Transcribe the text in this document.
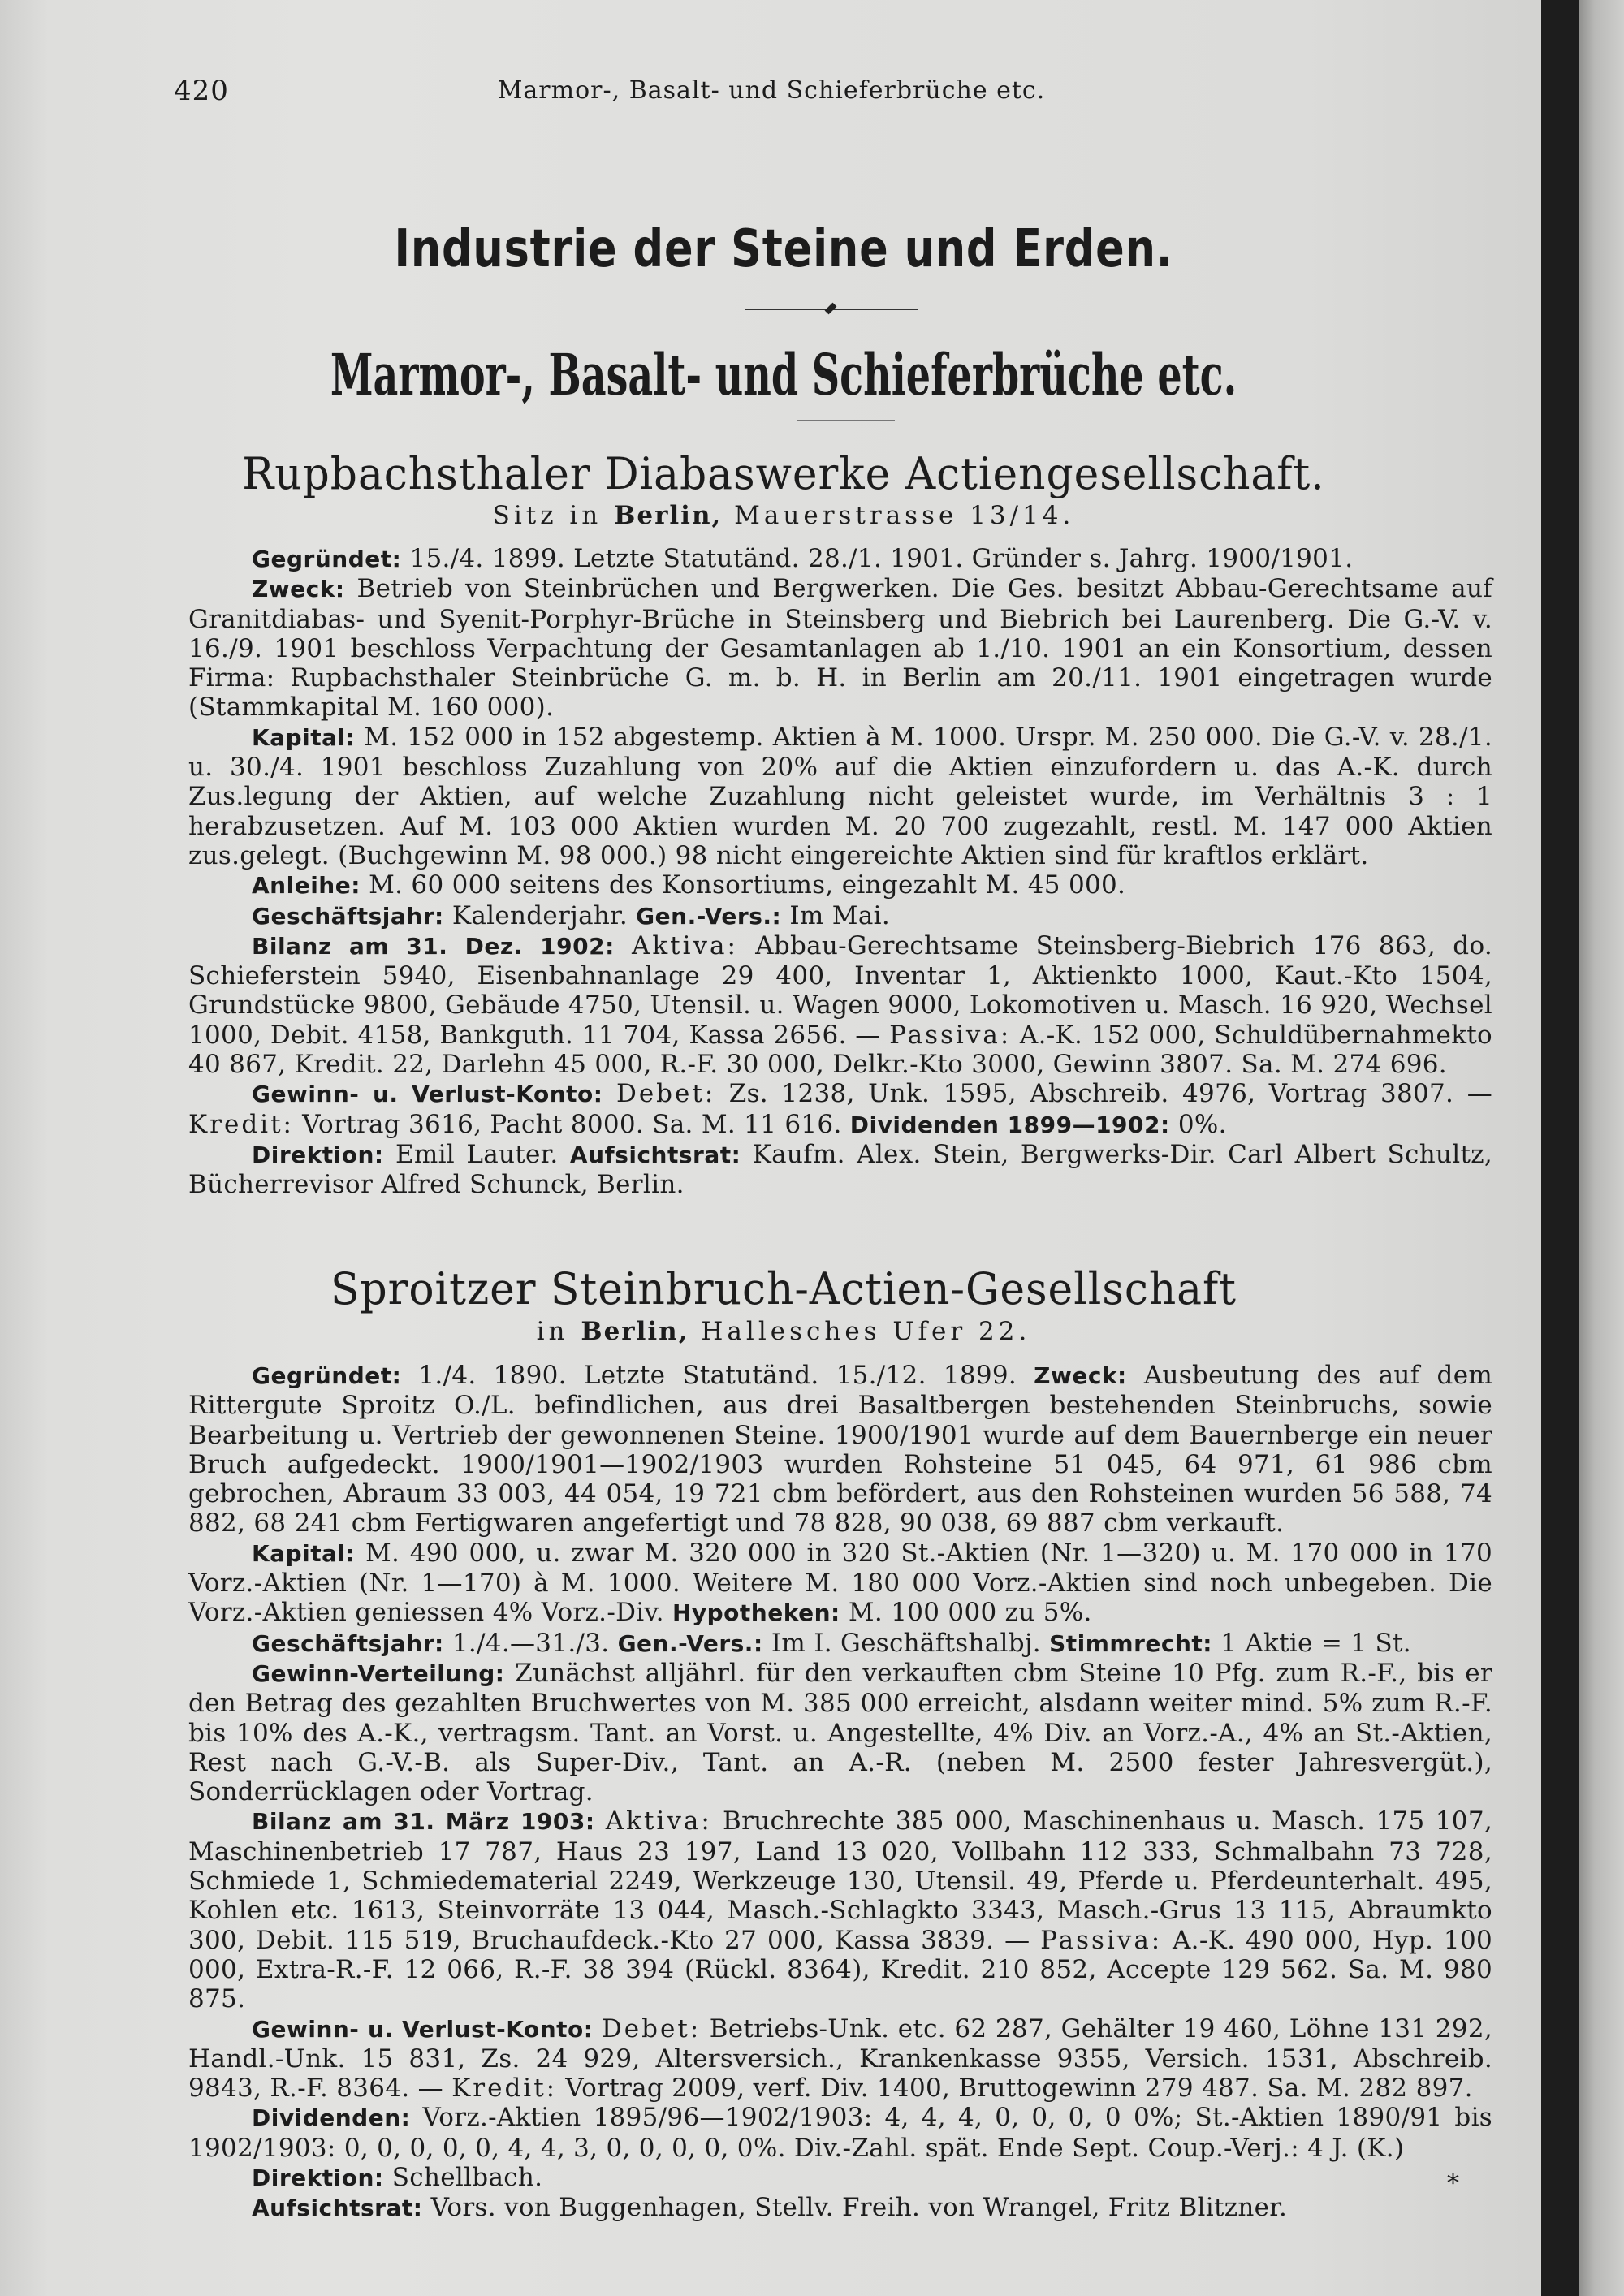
420	Marmor-, Basalt- und Schieferbrüche etc.
Industrie der Steine und Erden.
Marmor-, Basalt- und Schieferbrüche etc.
Rupbachsthaler Diabaswerke Actiengesellschaft.
Sitz in Berlin, Mauerstrasse 13/14.

Gegründet: 15./4. 1899. Letzte Statutänd. 28./1. 1901. Gründer s. Jahrg. 1900/1901.

Zweck: Betrieb von Steinbrüchen und Bergwerken. Die Ges. besitzt Abbau-Gerechtsame auf Granitdiabas- und Syenit-Porphyr-Brüche in Steinsberg und Biebrich bei Laurenberg. Die G.-V. v. 16./9. 1901 beschloss Verpachtung der Gesamtanlagen ab 1./10. 1901 an ein Konsortium, dessen Firma: Rupbachsthaler Steinbrüche G. m. b. H. in Berlin am 20./11. 1901 eingetragen wurde (Stammkapital M. 160 000).

Kapital: M. 152 000 in 152 abgestemp. Aktien à M. 1000. Urspr. M. 250 000. Die G.-V. v. 28./1. u. 30./4. 1901 beschloss Zuzahlung von 20% auf die Aktien einzufordern u. das A.-K. durch Zus.legung der Aktien, auf welche Zuzahlung nicht geleistet wurde, im Verhältnis 3 : 1 herabzusetzen. Auf M. 103 000 Aktien wurden M. 20 700 zugezahlt, restl. M. 147 000 Aktien zus.gelegt. (Buchgewinn M. 98 000.) 98 nicht eingereichte Aktien sind für kraftlos erklärt.

Anleihe: M. 60 000 seitens des Konsortiums, eingezahlt M. 45 000.

Geschäftsjahr: Kalenderjahr. Gen.-Vers.: Im Mai.

Bilanz am 31. Dez. 1902: Aktiva: Abbau-Gerechtsame Steinsberg-Biebrich 176 863, do. Schieferstein 5940, Eisenbahnanlage 29 400, Inventar 1, Aktienkto 1000, Kaut.-Kto 1504, Grundstücke 9800, Gebäude 4750, Utensil. u. Wagen 9000, Lokomotiven u. Masch. 16 920, Wechsel 1000, Debit. 4158, Bankguth. 11 704, Kassa 2656. — Passiva: A.-K. 152 000, Schuldübernahmekto 40 867, Kredit. 22, Darlehn 45 000, R.-F. 30 000, Delkr.-Kto 3000, Gewinn 3807. Sa. M. 274 696.

Gewinn- u. Verlust-Konto: Debet: Zs. 1238, Unk. 1595, Abschreib. 4976, Vortrag 3807. — Kredit: Vortrag 3616, Pacht 8000. Sa. M. 11 616. Dividenden 1899—1902: 0%.

Direktion: Emil Lauter. Aufsichtsrat: Kaufm. Alex. Stein, Bergwerks-Dir. Carl Albert Schultz, Bücherrevisor Alfred Schunck, Berlin.

Sproitzer Steinbruch-Actien-Gesellschaft
in Berlin, Hallesches Ufer 22.

Gegründet: 1./4. 1890. Letzte Statutänd. 15./12. 1899. Zweck: Ausbeutung des auf dem Rittergute Sproitz O./L. befindlichen, aus drei Basaltbergen bestehenden Steinbruchs, sowie Bearbeitung u. Vertrieb der gewonnenen Steine. 1900/1901 wurde auf dem Bauernberge ein neuer Bruch aufgedeckt. 1900/1901—1902/1903 wurden Rohsteine 51 045, 64 971, 61 986 cbm gebrochen, Abraum 33 003, 44 054, 19 721 cbm befördert, aus den Rohsteinen wurden 56 588, 74 882, 68 241 cbm Fertigwaren angefertigt und 78 828, 90 038, 69 887 cbm verkauft.

Kapital: M. 490 000, u. zwar M. 320 000 in 320 St.-Aktien (Nr. 1—320) u. M. 170 000 in 170 Vorz.-Aktien (Nr. 1—170) à M. 1000. Weitere M. 180 000 Vorz.-Aktien sind noch unbegeben. Die Vorz.-Aktien geniessen 4% Vorz.-Div. Hypotheken: M. 100 000 zu 5%.

Geschäftsjahr: 1./4.—31./3. Gen.-Vers.: Im I. Geschäftshalbj. Stimmrecht: 1 Aktie = 1 St.

Gewinn-Verteilung: Zunächst alljährl. für den verkauften cbm Steine 10 Pfg. zum R.-F., bis er den Betrag des gezahlten Bruchwertes von M. 385 000 erreicht, alsdann weiter mind. 5% zum R.-F. bis 10% des A.-K., vertragsm. Tant. an Vorst. u. Angestellte, 4% Div. an Vorz.-A., 4% an St.-Aktien, Rest nach G.-V.-B. als Super-Div., Tant. an A.-R. (neben M. 2500 fester Jahresvergüt.), Sonderrücklagen oder Vortrag.

Bilanz am 31. März 1903: Aktiva: Bruchrechte 385 000, Maschinenhaus u. Masch. 175 107, Maschinenbetrieb 17 787, Haus 23 197, Land 13 020, Vollbahn 112 333, Schmalbahn 73 728, Schmiede 1, Schmiedematerial 2249, Werkzeuge 130, Utensil. 49, Pferde u. Pferdeunterhalt. 495, Kohlen etc. 1613, Steinvorräte 13 044, Masch.-Schlagkto 3343, Masch.-Grus 13 115, Abraumkto 300, Debit. 115 519, Bruchaufdeck.-Kto 27 000, Kassa 3839. — Passiva: A.-K. 490 000, Hyp. 100 000, Extra-R.-F. 12 066, R.-F. 38 394 (Rückl. 8364), Kredit. 210 852, Accepte 129 562. Sa. M. 980 875.

Gewinn- u. Verlust-Konto: Debet: Betriebs-Unk. etc. 62 287, Gehälter 19 460, Löhne 131 292, Handl.-Unk. 15 831, Zs. 24 929, Altersversich., Krankenkasse 9355, Versich. 1531, Abschreib. 9843, R.-F. 8364. — Kredit: Vortrag 2009, verf. Div. 1400, Bruttogewinn 279 487. Sa. M. 282 897.

Dividenden: Vorz.-Aktien 1895/96—1902/1903: 4, 4, 4, 0, 0, 0, 0 0%; St.-Aktien 1890/91 bis 1902/1903: 0, 0, 0, 0, 0, 4, 4, 3, 0, 0, 0, 0, 0%. Div.-Zahl. spät. Ende Sept. Coup.-Verj.: 4 J. (K.)

Direktion: Schellbach.

Aufsichtsrat: Vors. von Buggenhagen, Stellv. Freih. von Wrangel, Fritz Blitzner.

*
